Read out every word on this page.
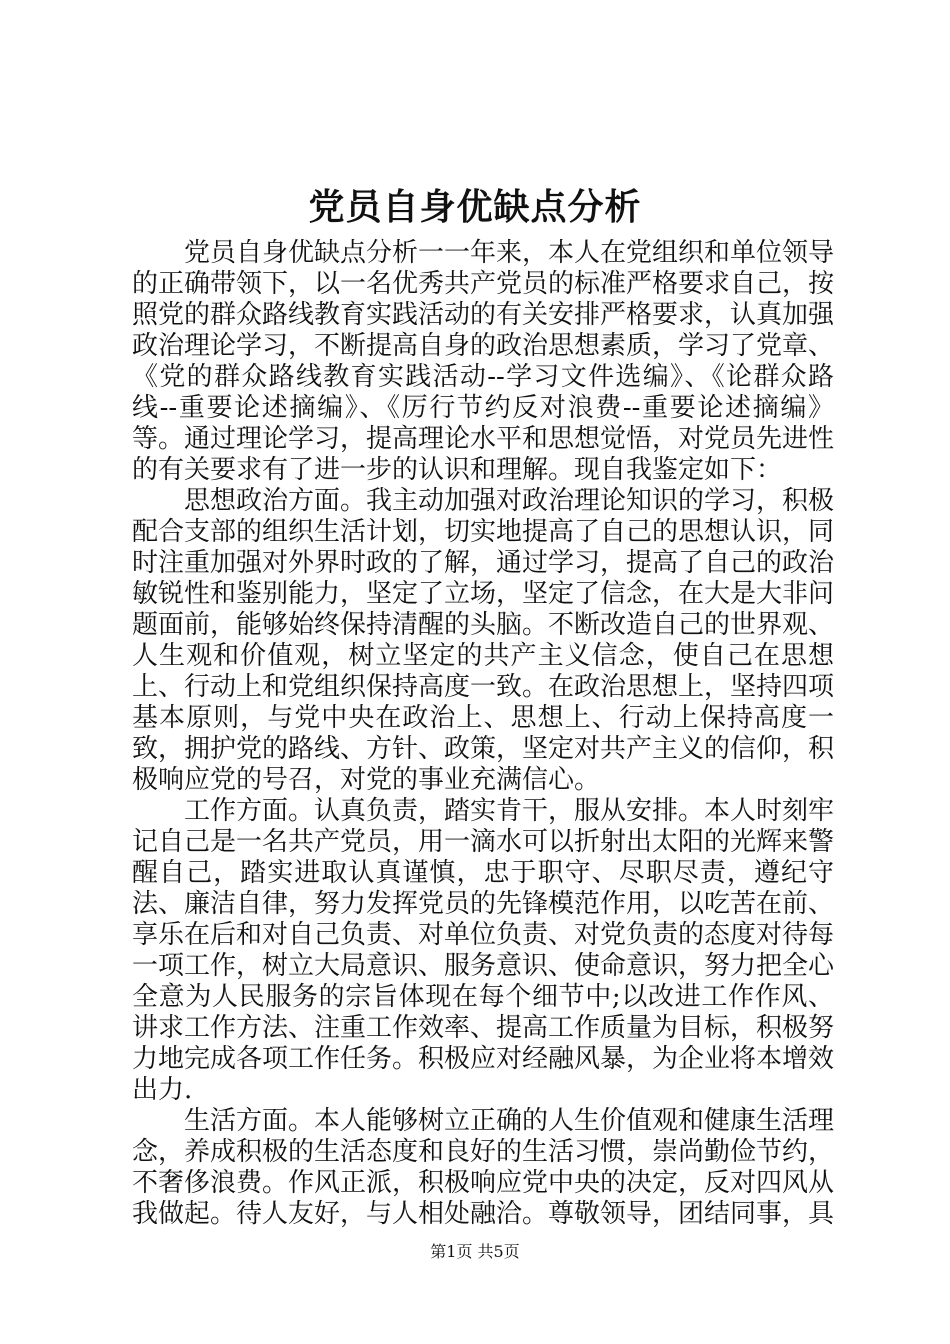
党员自身优缺点分析

党员自身优缺点分析一一年来，本人在党组织和单位领导的正确带领下，以一名优秀共产党员的标准严格要求自己，按照党的群众路线教育实践活动的有关安排严格要求，认真加强政治理论学习，不断提高自身的政治思想素质，学习了党章、《党的群众路线教育实践活动--学习文件选编》、《论群众路线--重要论述摘编》、《厉行节约反对浪费--重要论述摘编》等。通过理论学习，提高理论水平和思想觉悟，对党员先进性的有关要求有了进一步的认识和理解。现自我鉴定如下：

思想政治方面。我主动加强对政治理论知识的学习，积极配合支部的组织生活计划，切实地提高了自己的思想认识，同时注重加强对外界时政的了解，通过学习，提高了自己的政治敏锐性和鉴别能力，坚定了立场，坚定了信念，在大是大非问题面前，能够始终保持清醒的头脑。不断改造自己的世界观、人生观和价值观，树立坚定的共产主义信念，使自己在思想上、行动上和党组织保持高度一致。在政治思想上，坚持四项基本原则，与党中央在政治上、思想上、行动上保持高度一致，拥护党的路线、方针、政策，坚定对共产主义的信仰，积极响应党的号召，对党的事业充满信心。

工作方面。认真负责，踏实肯干，服从安排。本人时刻牢记自己是一名共产党员，用一滴水可以折射出太阳的光辉来警醒自己，踏实进取认真谨慎，忠于职守、尽职尽责，遵纪守法、廉洁自律，努力发挥党员的先锋模范作用，以吃苦在前、享乐在后和对自己负责、对单位负责、对党负责的态度对待每一项工作，树立大局意识、服务意识、使命意识，努力把全心全意为人民服务的宗旨体现在每个细节中;以改进工作作风、讲求工作方法、注重工作效率、提高工作质量为目标，积极努力地完成各项工作任务。积极应对经融风暴，为企业将本增效出力.

生活方面。本人能够树立正确的人生价值观和健康生活理念，养成积极的生活态度和良好的生活习惯，崇尚勤俭节约，不奢侈浪费。作风正派，积极响应党中央的决定，反对四风从我做起。待人友好，与人相处融洽。尊敬领导，团结同事，具

第1页 共5页
